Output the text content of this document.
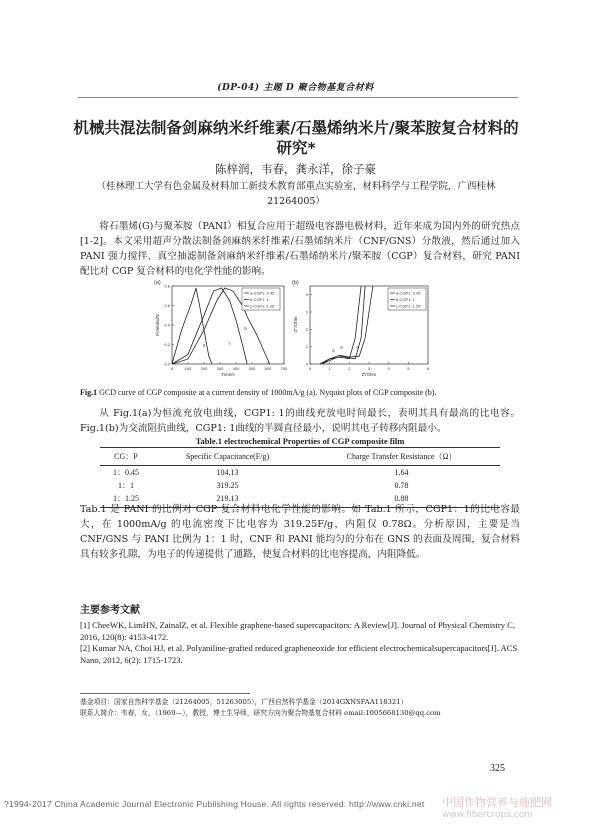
(DP-04) 主题 D 聚合物基复合材料
机械共混法制备剑麻纳米纤维素/石墨烯纳米片/聚苯胺复合材料的研究*
陈梓润，韦春，龚永洋，徐子豪
（桂林理工大学有色金属及材料加工新技术教育部重点实验室，材料科学与工程学院，广西桂林 21264005）

将石墨烯(G)与聚苯胺（PANI）相复合应用于超级电容器电极材料，近年来成为国内外的研究热点[1-2]。本文采用超声分散法制备剑麻纳米纤维素/石墨烯纳米片（CNF/GNS）分散液，然后通过加入 PANI 强力搅拌、真空抽滤制备剑麻纳米纤维素/石墨烯纳米片/聚苯胺（CGP）复合材料，研究 PANI 配比对 CGP 复合材料的电化学性能的影响。

(a)
0	100 200 300 400 500 600 700
0.0
0.2
0.4
0.6
0.8
Time/s
Potential/V
a
b
c
a-CGP1: 0.45
b-CGP1: 1
c-CGP1: 1.25
(b)
0	1	2	3	4	5	6
0
1
2
3
4
Z'/Ohm
-Z''/Ohm
a
b
c
a-CGP1: 0.45
b-CGP1: 1
c-CGP1: 1.25
Fig.1 GCD curve of CGP composite at a current density of 1000mA/g (a). Nyquist plots of CGP composite (b).

从 Fig.1(a)为恒流充放电曲线，CGP1: 1的曲线充放电时间最长，表明其具有最高的比电容。Fig.1(b)为交流阻抗曲线，CGP1: 1曲线的半圆直径最小，说明其电子转移内阻最小。

Table.1 electrochemical Properties of CGP composite film
CG：P	Specific Capacitance(F/g)	Charge Transfer Resistance（Ω）
1：0.45	104.13	1.64
1：1	319.25	0.78
1：1.25	219.13	0.88

Tab.1 是 PANI 的比例对 CGP 复合材料电化学性能的影响。如 Tab.1 所示，CGP1：1的比电容最大，在 1000mA/g 的电流密度下比电容为 319.25F/g，内阻仅 0.78Ω。分析原因，主要是当 CNF/GNS 与 PANI 比例为 1：1 时，CNF 和 PANI 能均匀的分布在 GNS 的表面及周围，复合材料具有较多孔隙，为电子的传递提供了通路，使复合材料的比电容提高，内阻降低。

主要参考文献
[1] CheeWK, LimHN, ZainalZ, et al. Flexible graphene-based supercapacitors: A Review[J]. Journal of Physical Chemistry C, 2016, 120(8): 4153-4172.
[2] Kumar NA, Choi HJ, et al. Polyaniline-grafted reduced grapheneoxide for efficient electrochemicalsupercapacitors[J]. ACS Nano, 2012, 6(2): 1715-1723.
基金项目：国家自然科学基金（21264005，51263005），广西自然科学基金（2014GXNSFAA118321）
联系人简介：韦春，女，（1969—），教授，博士生导师，研究方向为聚合物基复合材料 email:1005668130@qq.com
325
?1994-2017 China Academic Journal Electronic Publishing House. All rights reserved. http://www.cnki.net 中国作物营养与施肥网
www.fibercrops.com
